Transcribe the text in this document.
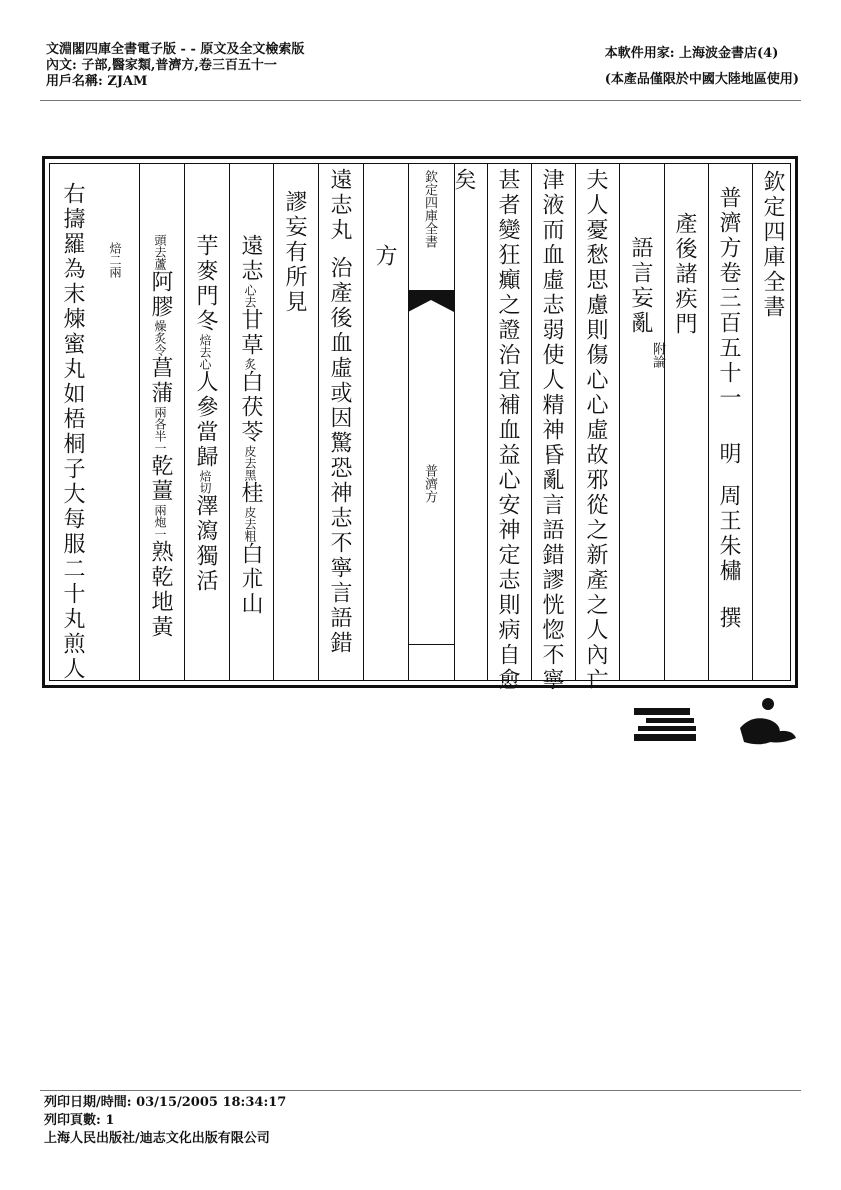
文淵閣四庫全書電子版 - - 原文及全文檢索版
內文: 子部,醫家類,普濟方,卷三百五十一
用戶名稱: ZJAM
本軟件用家: 上海波金書店(4)
(本產品僅限於中國大陸地區使用)
欽定四庫全書
普濟方卷三百五十一
明
周王朱橚
撰
產後諸疾門
語言妄亂
附論
夫人憂愁思慮則傷心心虛故邪從之新產之人內亡
津液而血虛志弱使人精神昏亂言語錯謬恍惚不寧
甚者變狂癲之證治宜補血益心安神定志則病自愈
矣
欽定四庫全書
普濟方
方
遠志丸
治產後血虛或因驚恐神志不寧言語錯
謬妄有所見
遠志心去甘草炙白茯苓皮去黑桂皮去粗白朮山
芋麥門冬焙去心人參當歸焙切澤瀉獨活
頭去蘆阿膠燥炙令菖蒲兩各半一乾薑兩炮一熟乾地黃
焙二兩
右擣羅為末煉蜜丸如梧桐子大每服二十丸煎人
列印日期/時間: 03/15/2005 18:34:17
列印頁數: 1
上海人民出版社/迪志文化出版有限公司
